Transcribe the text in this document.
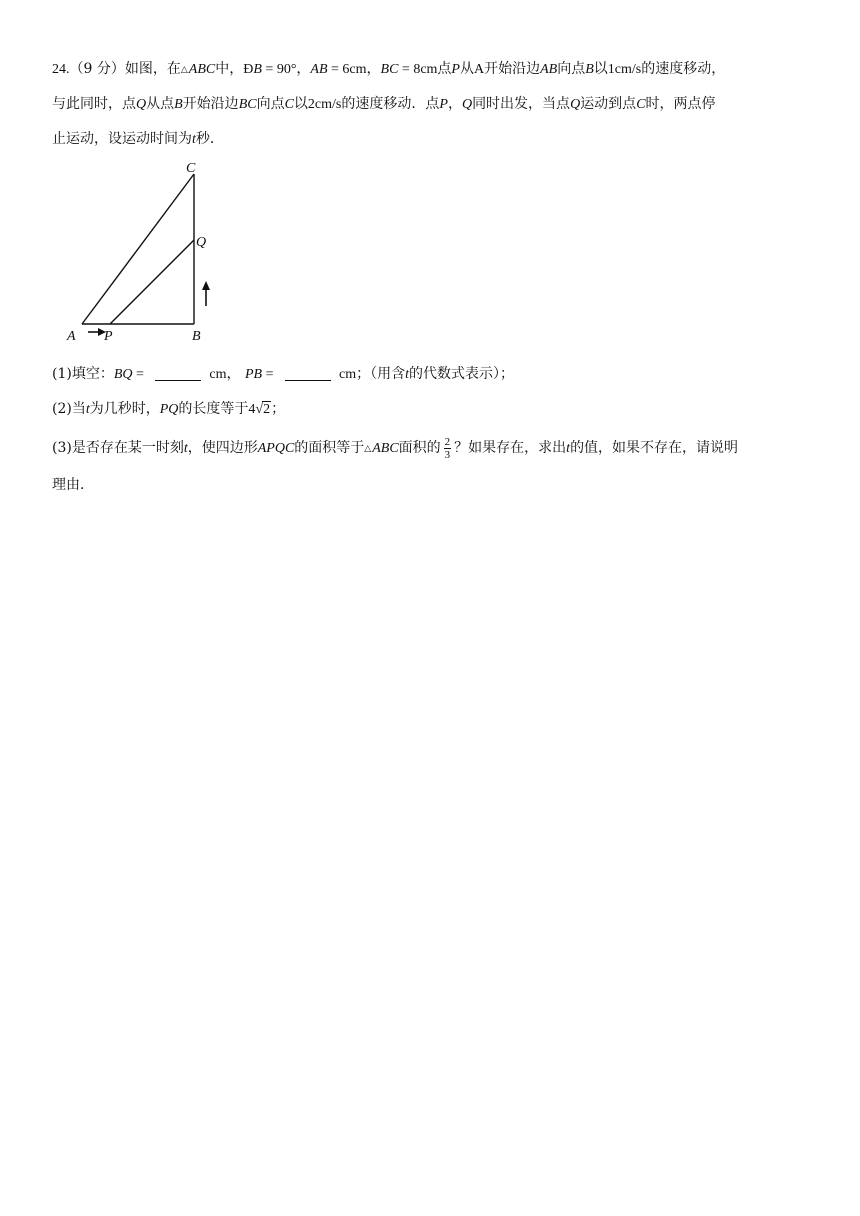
24.（9 分）如图，在△ABC中，ÐB = 90°，AB = 6cm，BC = 8cm点P从A开始沿边AB向点B以1cm/s的速度移动，
与此同时，点Q从点B开始沿边BC向点C以2cm/s的速度移动．点P，Q同时出发，当点Q运动到点C时，两点停
止运动，设运动时间为t秒．
C
Q
A P	B
(1)填空：BQ =	cm， PB =	cm；（用含t的代数式表示）；
(2)当t为几秒时，PQ的长度等于4√2；
(3)是否存在某一时刻t，使四边形APQC的面积等于△ABC面积的 $\frac{2}{3}$ ？如果存在，求出t的值，如果不存在，请说明
理由．
